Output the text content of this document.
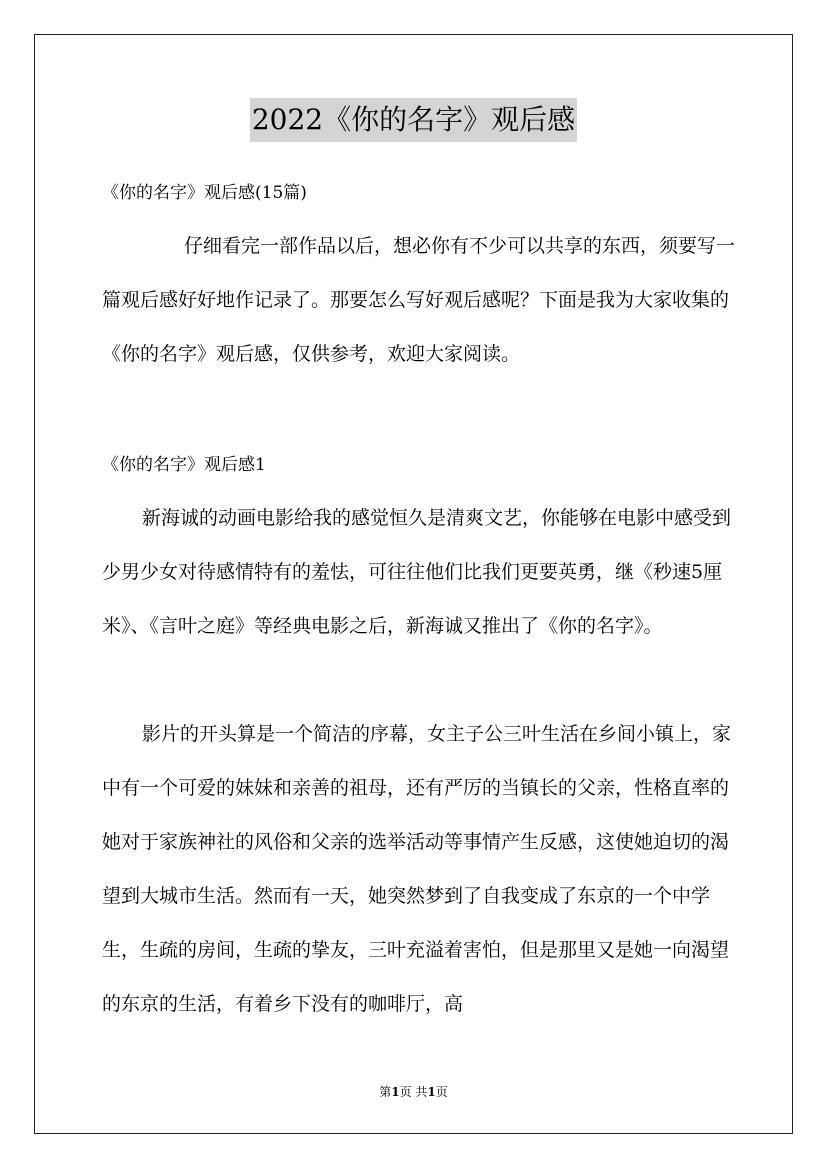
2022《你的名字》观后感
《你的名字》观后感(15篇)

仔细看完一部作品以后，想必你有不少可以共享的东西，须要写一篇观后感好好地作记录了。那要怎么写好观后感呢？下面是我为大家收集的《你的名字》观后感，仅供参考，欢迎大家阅读。

《你的名字》观后感1

新海诚的动画电影给我的感觉恒久是清爽文艺，你能够在电影中感受到少男少女对待感情特有的羞怯，可往往他们比我们更要英勇，继《秒速5厘米》、《言叶之庭》等经典电影之后，新海诚又推出了《你的名字》。

影片的开头算是一个简洁的序幕，女主子公三叶生活在乡间小镇上，家中有一个可爱的妹妹和亲善的祖母，还有严厉的当镇长的父亲，性格直率的她对于家族神社的风俗和父亲的选举活动等事情产生反感，这使她迫切的渴望到大城市生活。然而有一天，她突然梦到了自我变成了东京的一个中学生，生疏的房间，生疏的挚友，三叶充溢着害怕，但是那里又是她一向渴望的东京的生活，有着乡下没有的咖啡厅，高

第1页 共1页
